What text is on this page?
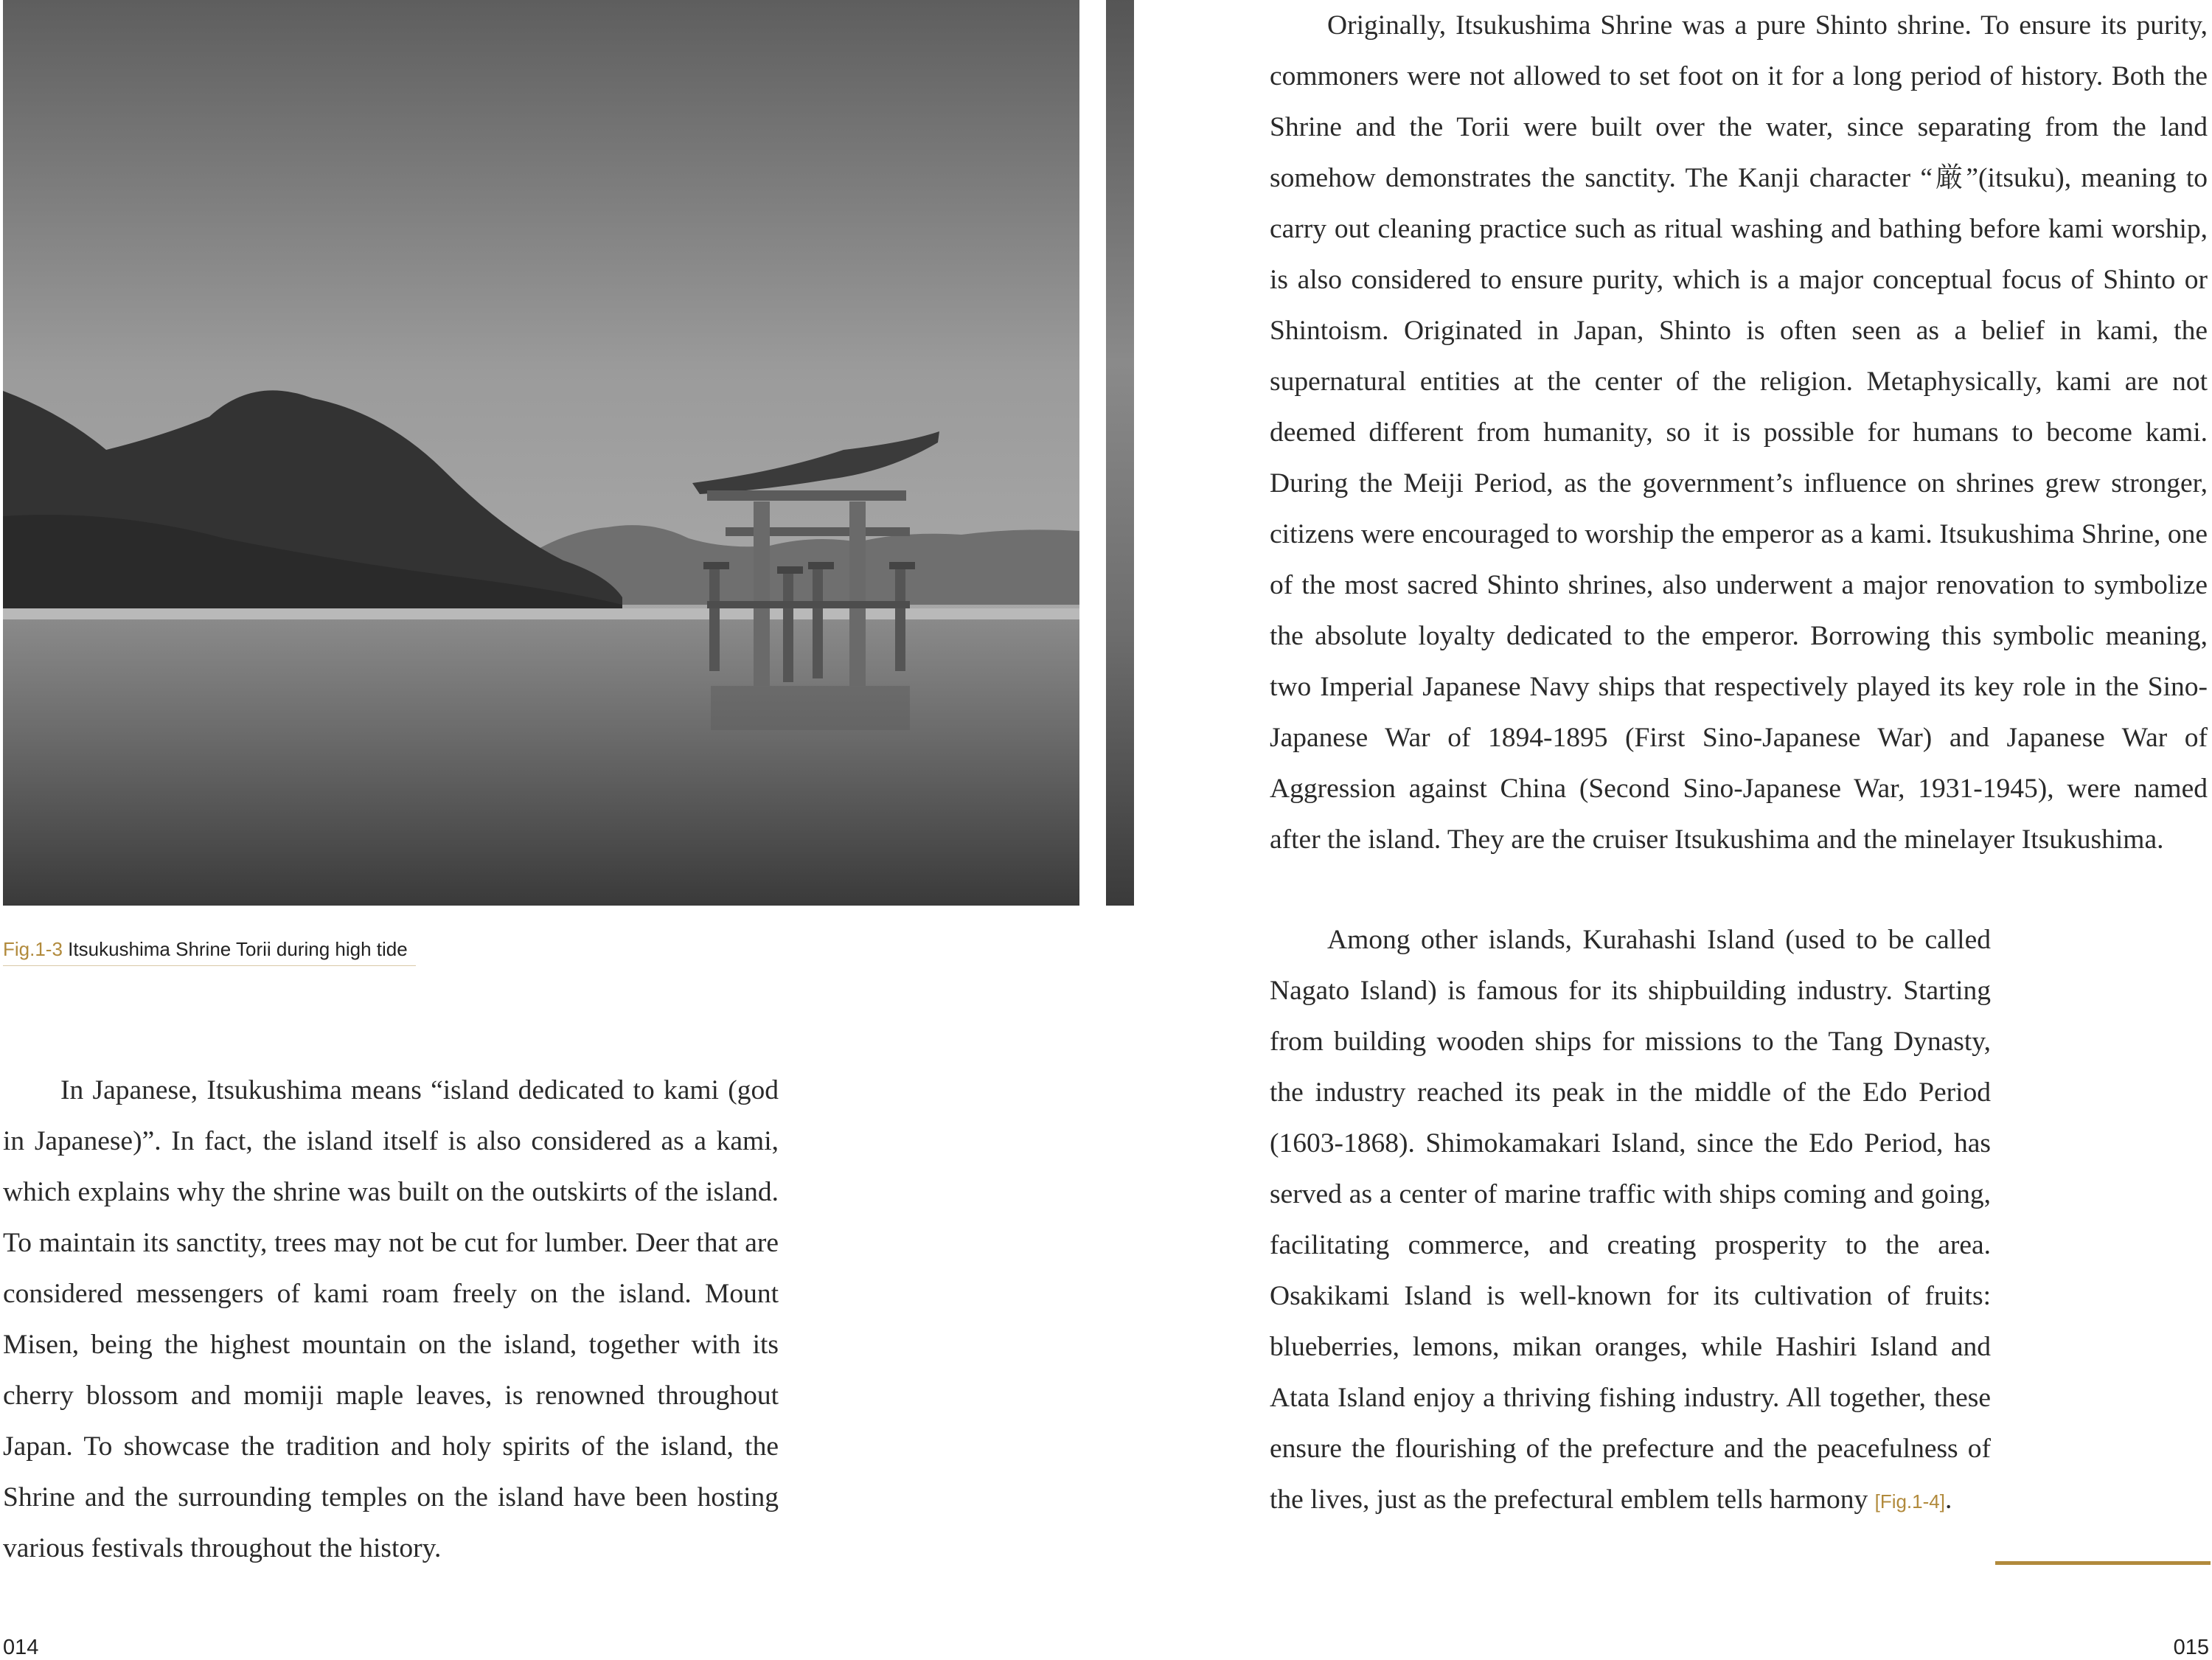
Fig.1-3 Itsukushima Shrine Torii during high tide

In Japanese, Itsukushima means “island dedicated to kami (god in Japanese)”. In fact, the island itself is also considered as a kami, which explains why the shrine was built on the outskirts of the island. To maintain its sanctity, trees may not be cut for lumber. Deer that are considered messengers of kami roam freely on the island. Mount Misen, being the highest mountain on the island, together with its cherry blossom and momiji maple leaves, is renowned throughout Japan. To showcase the tradition and holy spirits of the island, the Shrine and the surrounding temples on the island have been hosting various festivals throughout the history.

Originally, Itsukushima Shrine was a pure Shinto shrine. To ensure its purity, commoners were not allowed to set foot on it for a long period of history. Both the Shrine and the Torii were built over the water, since separating from the land somehow demonstrates the sanctity. The Kanji character “厳”(itsuku), meaning to carry out cleaning practice such as ritual washing and bathing before kami worship, is also considered to ensure purity, which is a major conceptual focus of Shinto or Shintoism. Originated in Japan, Shinto is often seen as a belief in kami, the supernatural entities at the center of the religion. Metaphysically, kami are not deemed different from humanity, so it is possible for humans to become kami. During the Meiji Period, as the government’s influence on shrines grew stronger, citizens were encouraged to worship the emperor as a kami. Itsukushima Shrine, one of the most sacred Shinto shrines, also underwent a major renovation to symbolize the absolute loyalty dedicated to the emperor. Borrowing this symbolic meaning, two Imperial Japanese Navy ships that respectively played its key role in the Sino-Japanese War of 1894-1895 (First Sino-Japanese War) and Japanese War of Aggression against China (Second Sino-Japanese War, 1931-1945), were named after the island. They are the cruiser Itsukushima and the minelayer Itsukushima.

Among other islands, Kurahashi Island (used to be called Nagato Island) is famous for its shipbuilding industry. Starting from building wooden ships for missions to the Tang Dynasty, the industry reached its peak in the middle of the Edo Period (1603-1868). Shimokamakari Island, since the Edo Period, has served as a center of marine traffic with ships coming and going, facilitating commerce, and creating prosperity to the area. Osakikami Island is well-known for its cultivation of fruits: blueberries, lemons, mikan oranges, while Hashiri Island and Atata Island enjoy a thriving fishing industry. All together, these ensure the flourishing of the prefecture and the peacefulness of the lives, just as the prefectural emblem tells harmony [Fig.1-4].

014	015
